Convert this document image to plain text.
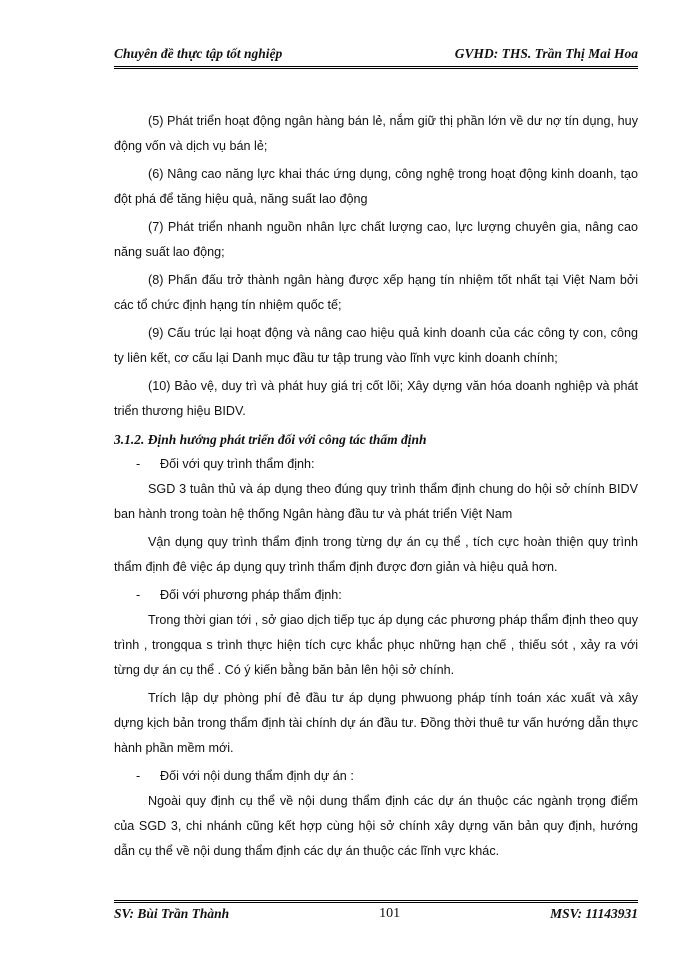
Chuyên đề thực tập tốt nghiệp	GVHD: THS. Trần Thị Mai Hoa

(5) Phát triển hoạt động ngân hàng bán lẻ, nắm giữ thị phần lớn về dư nợ tín dụng, huy động vốn và dịch vụ bán lẻ;

(6) Nâng cao năng lực khai thác ứng dụng, công nghệ trong hoạt động kinh doanh, tạo đột phá để tăng hiệu quả, năng suất lao động

(7) Phát triển nhanh nguồn nhân lực chất lượng cao, lực lượng chuyên gia, nâng cao năng suất lao động;

(8) Phấn đấu trở thành ngân hàng được xếp hạng tín nhiệm tốt nhất tại Việt Nam bởi các tổ chức định hạng tín nhiệm quốc tế;

(9) Cấu trúc lại hoạt động và nâng cao hiệu quả kinh doanh của các công ty con, công ty liên kết, cơ cấu lại Danh mục đầu tư tập trung vào lĩnh vực kinh doanh chính;

(10) Bảo vệ, duy trì và phát huy giá trị cốt lõi; Xây dựng văn hóa doanh nghiệp và phát triển thương hiệu BIDV.

3.1.2. Định hướng phát triển đối với công tác thẩm định

- Đối với quy trình thẩm định:

SGD 3 tuân thủ và áp dụng theo đúng quy trình thẩm định chung do hội sở chính BIDV ban hành trong toàn hệ thống Ngân hàng đầu tư và phát triển Việt Nam

Vận dụng quy trình thẩm định trong từng dự án cụ thể , tích cực hoàn thiện quy trình thẩm định đê việc áp dụng quy trình thẩm định được đơn giản và hiệu quả hơn.

- Đối với phương pháp thẩm định:

Trong thời gian tới , sở giao dịch tiếp tục áp dụng các phương pháp thẩm định theo quy trình , trongqua s trình thực hiện tích cực khắc phục những hạn chế , thiếu sót , xảy ra với từng dự án cụ thể . Có ý kiến bằng băn bản lên hội sở chính.

Trích lập dự phòng phí đẻ đầu tư áp dụng phwuong pháp tính toán xác xuất và xây dựng kịch bản trong thẩm định tài chính dự án đầu tư. Đồng thời thuê tư vấn hướng dẫn thực hành phần mềm mới.

- Đối với nội dung thẩm định dự án :

Ngoài quy định cụ thể về nội dung thẩm định các dự án thuộc các ngành trọng điểm của SGD 3, chi nhánh cũng kết hợp cùng hội sở chính xây dựng văn bản quy định, hướng dẫn cụ thể về nội dung thẩm định các dự án thuộc các lĩnh vực khác.

SV: Bùi Trần Thành	101	MSV: 11143931
